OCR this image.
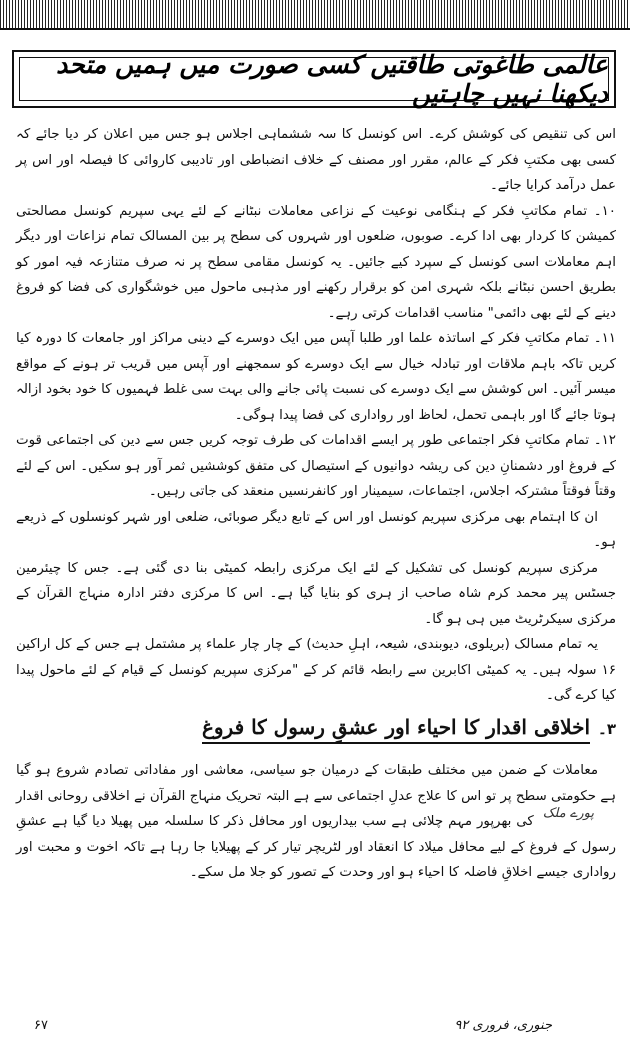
عالمی طاغوتی طاقتیں کسی صورت میں ہمیں متحد دیکھنا نہیں چاہتیں

اس کی تنقیص کی کوشش کرے۔ اس کونسل کا سہ ششماہی اجلاس ہو جس میں اعلان کر دیا جائے کہ کسی بھی مکتبِ فکر کے عالم، مقرر اور مصنف کے خلاف انضباطی اور تادیبی کاروائی کا فیصلہ اور اس پر عمل درآمد کرایا جائے۔

۱۰۔ تمام مکاتبِ فکر کے ہنگامی نوعیت کے نزاعی معاملات نبٹانے کے لئے یہی سپریم کونسل مصالحتی کمیشن کا کردار بھی ادا کرے۔ صوبوں، ضلعوں اور شہروں کی سطح پر بین المسالک تمام نزاعات اور دیگر اہم معاملات اسی کونسل کے سپرد کیے جائیں۔ یہ کونسل مقامی سطح پر نہ صرف متنازعہ فیہ امور کو بطریق احسن نبٹانے بلکہ شہری امن کو برقرار رکھنے اور مذہبی ماحول میں خوشگواری کی فضا کو فروغ دینے کے لئے بھی دائمی" مناسب اقدامات کرتی رہے۔

۱۱۔ تمام مکاتبِ فکر کے اساتذہ علما اور طلبا آپس میں ایک دوسرے کے دینی مراکز اور جامعات کا دورہ کیا کریں تاکہ باہم ملاقات اور تبادلہ خیال سے ایک دوسرے کو سمجھنے اور آپس میں قریب تر ہونے کے مواقع میسر آئیں۔ اس کوشش سے ایک دوسرے کی نسبت پائی جانے والی بہت سی غلط فہمیوں کا خود بخود ازالہ ہوتا جائے گا اور باہمی تحمل، لحاظ اور رواداری کی فضا پیدا ہوگی۔

۱۲۔ تمام مکاتبِ فکر اجتماعی طور پر ایسے اقدامات کی طرف توجہ کریں جس سے دین کی اجتماعی قوت کے فروغ اور دشمنانِ دین کی ریشہ دوانیوں کے استیصال کی متفق کوششیں ثمر آور ہو سکیں۔ اس کے لئے وقتاً فوقتاً مشترکہ اجلاس، اجتماعات، سیمینار اور کانفرنسیں منعقد کی جاتی رہیں۔

ان کا اہتمام بھی مرکزی سپریم کونسل اور اس کے تابع دیگر صوبائی، ضلعی اور شہر کونسلوں کے ذریعے ہو۔

مرکزی سپریم کونسل کی تشکیل کے لئے ایک مرکزی رابطہ کمیٹی بنا دی گئی ہے۔ جس کا چیئرمین جسٹس پیر محمد کرم شاہ صاحب از ہری کو بنایا گیا ہے۔ اس کا مرکزی دفتر ادارہ منہاج القرآن کے مرکزی سیکرٹریٹ میں ہی ہو گا۔

یہ تمام مسالک (بریلوی، دیوبندی، شیعہ، اہلِ حدیث) کے چار چار علماء پر مشتمل ہے جس کے کل اراکین ۱۶ سولہ ہیں۔ یہ کمیٹی اکابرین سے رابطہ قائم کر کے "مرکزی سپریم کونسل کے قیام کے لئے ماحول پیدا کیا کرے گی۔

۳۔
اخلاقی اقدار کا احیاء اور عشقِ رسول کا فروغ

معاملات کے ضمن میں مختلف طبقات کے درمیان جو سیاسی، معاشی اور مفاداتی تصادم شروع ہو گیا ہے حکومتی سطح پر تو اس کا علاج عدلِ اجتماعی سے ہے البتہ تحریک منہاج القرآن نے اخلاقی روحانی اقدار پورے ملک کی بھرپور مہم چلائی ہے سب بیداریوں اور محافل ذکر کا سلسلہ میں پھیلا دیا گیا ہے عشقِ رسول کے فروغ کے لیے محافل میلاد کا انعقاد اور لٹریچر تیار کر کے پھیلایا جا رہا ہے تاکہ اخوت و محبت اور رواداری جیسے اخلاقِ فاضلہ کا احیاء ہو اور وحدت کے تصور کو جلا مل سکے۔

۶۷	جنوری، فروری ۹۲
